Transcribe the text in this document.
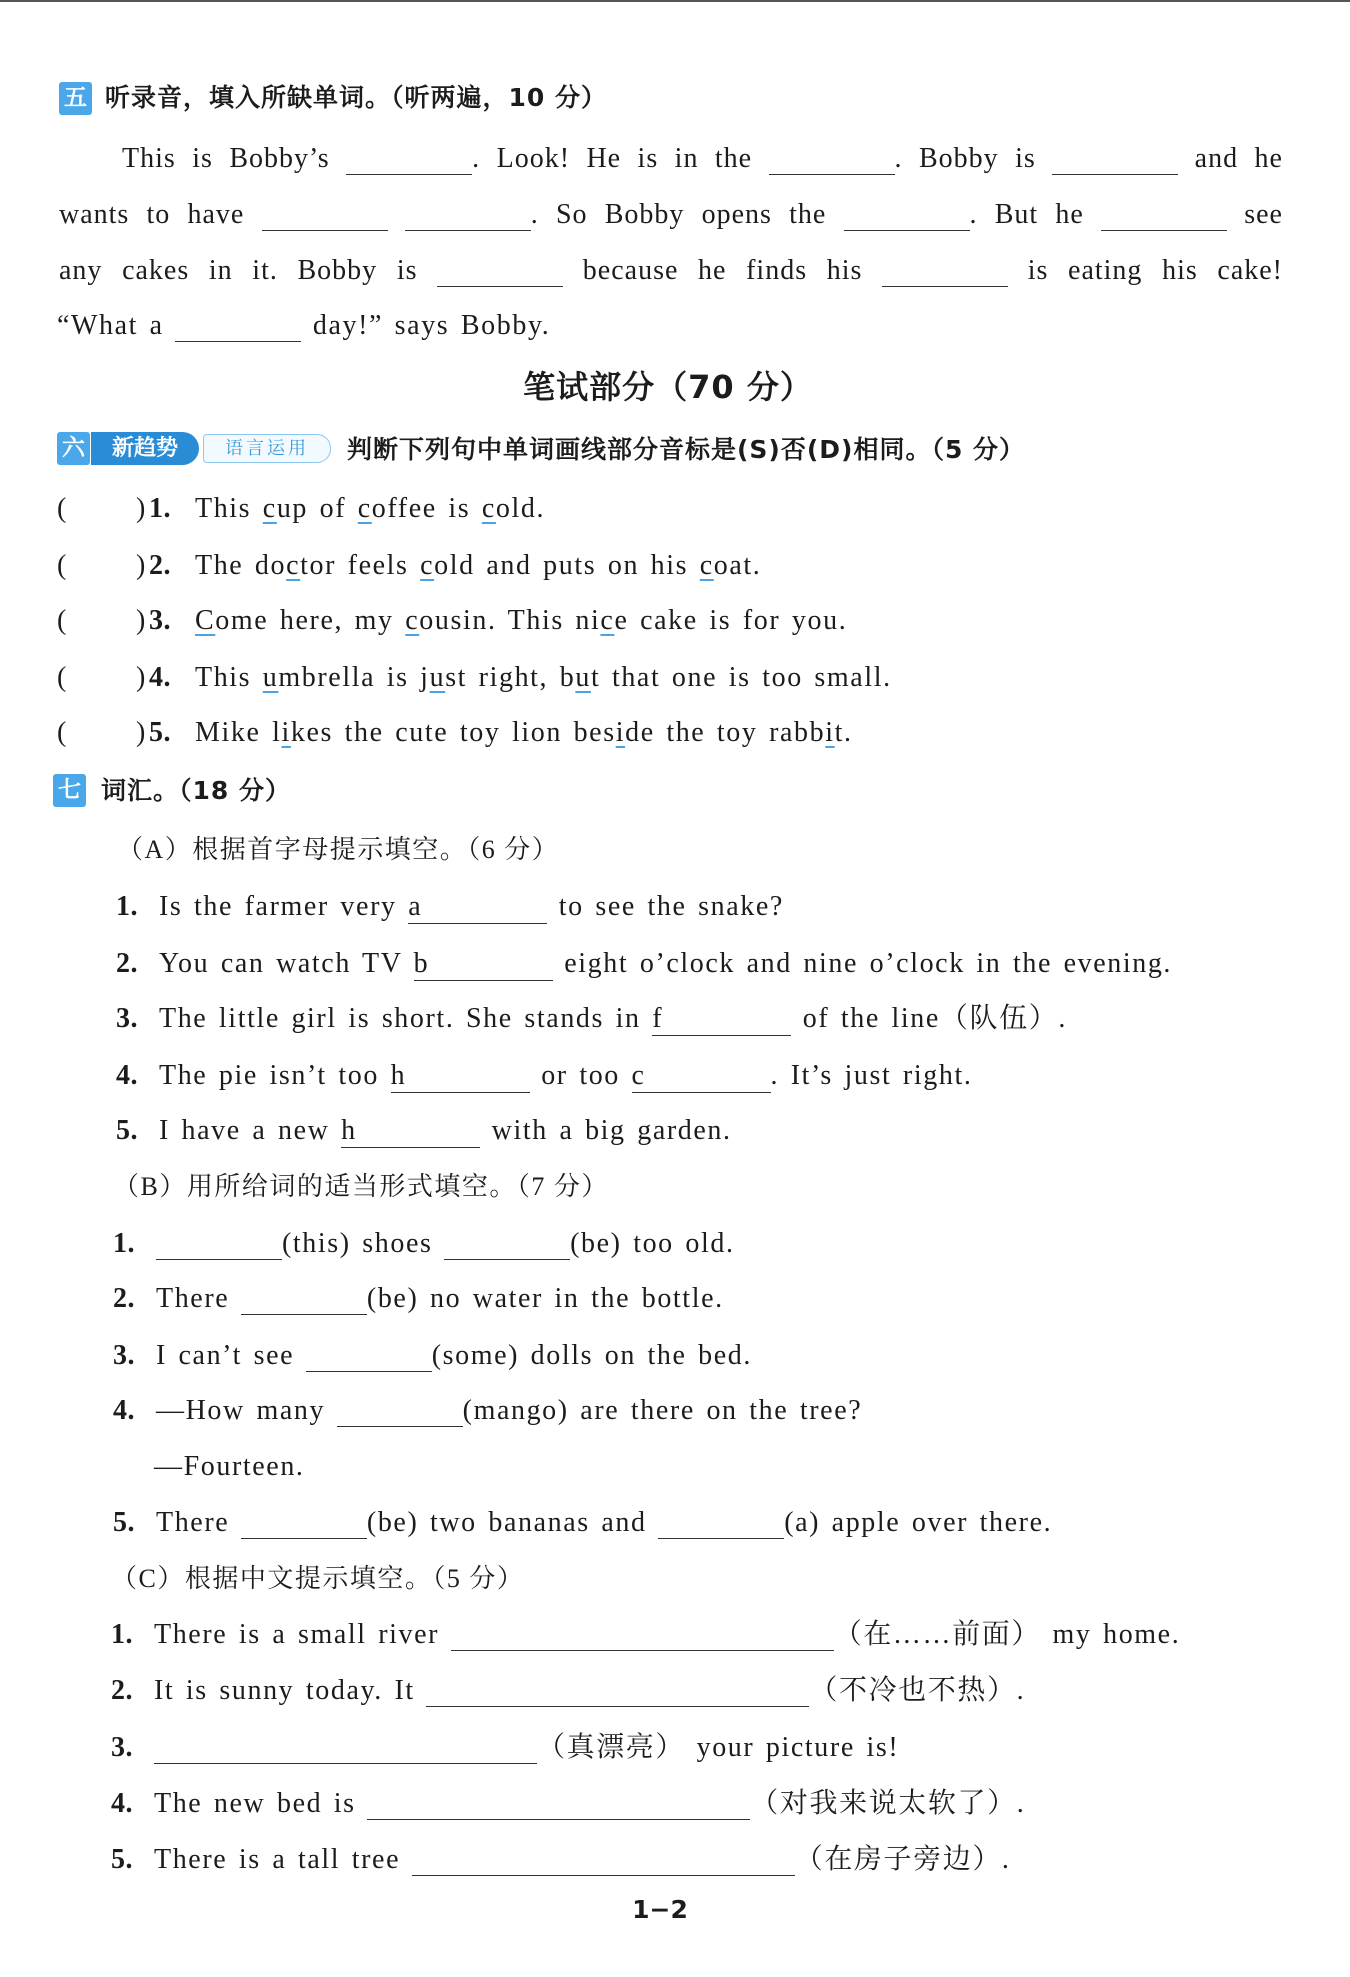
五 听录音，填入所缺单词。（听两遍，10 分）
This is Bobby’s	. Look! He is in the	. Bobby is	and he
wants to have	. So Bobby opens the	. But he	see
any cakes in it. Bobby is	because he finds his	is eating his cake!
“What a	day!” says Bobby.
笔试部分（70 分）
新趋势	语言运用
六	判断下列句中单词画线部分音标是(S)否(D)相同。（5 分）
( ) 1. This cup of coffee is cold.
( ) 2. The doctor feels cold and puts on his coat.
( ) 3. Come here, my cousin. This nice cake is for you.
( ) 4. This umbrella is just right, but that one is too small.
( ) 5. Mike likes the cute toy lion beside the toy rabbit.
七 词汇。（18 分）
（A）根据首字母提示填空。（6 分）
1. Is the farmer very a	to see the snake?
2. You can watch TV b	eight o’clock and nine o’clock in the evening.
3. The little girl is short. She stands in f	of the line（队伍）.
4. The pie isn’t too h	or too c	. It’s just right.
5. I have a new h	with a big garden.
（B）用所给词的适当形式填空。（7 分）
1.	(this) shoes	(be) too old.
2. There	(be) no water in the bottle.
3. I can’t see	(some) dolls on the bed.
4. —How many	(mango) are there on the tree?
—Fourteen.
5. There	(be) two bananas and	(a) apple over there.
（C）根据中文提示填空。（5 分）
1. There is a small river	（在……前面） my home.
2. It is sunny today. It	（不冷也不热）.
3.	（真漂亮） your picture is!
4. The new bed is	（对我来说太软了）.
5. There is a tall tree	（在房子旁边）.
1−2
